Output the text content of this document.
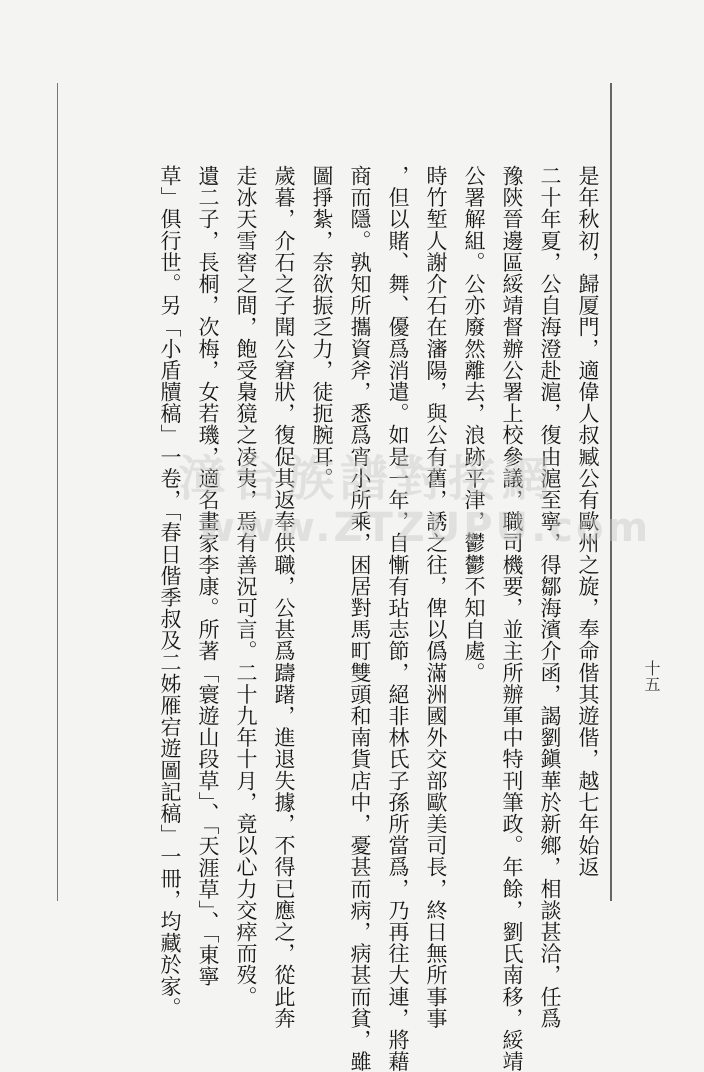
是年秋初，歸厦門，適偉人叔臧公有歐州之旋，奉命偕其遊偕，越七年始返
二十年夏，公自海澄赴滬，復由滬至寧，得鄒海濱介函，謁劉鎭華於新鄉，相談甚洽，任爲
豫陝晉邊區綏靖督辦公署上校參議，職司機要，並主所辦軍中特刊筆政。年餘，劉氏南移，綏靖
公署解組。公亦廢然離去，浪跡平津，鬱鬱不知自處。
時竹堑人謝介石在瀋陽，與公有舊，誘之往，俾以僞滿洲國外交部歐美司長，終日無所事事
，但以賭、舞、優爲消遣。如是一年，自慚有玷志節，絕非林氏子孫所當爲，乃再往大連，將藉
商而隱。孰知所攜資斧，悉爲宵小所乘，困居對馬町雙頭和南貨店中，憂甚而病，病甚而貧，雖
圖掙紮，奈欲振乏力，徒扼腕耳。
歲暮，介石之子聞公窘狀，復促其返奉供職，公甚爲躊躇，進退失據，不得已應之，從此奔
走冰天雪窖之間，飽受梟獍之凌夷，焉有善況可言。二十九年十月，竟以心力交瘁而歿。
遺二子，長桐，次梅，女若璣，適名畫家李康。所著「寰遊山段草」、「天涯草」、「東寧
草」俱行世。另「小盾牘稿」一卷，「春日偕季叔及二姊雁宕遊圖記稿」一冊，均藏於家。	十五
漳台族譜對接網
www.ZTZUPU.com
